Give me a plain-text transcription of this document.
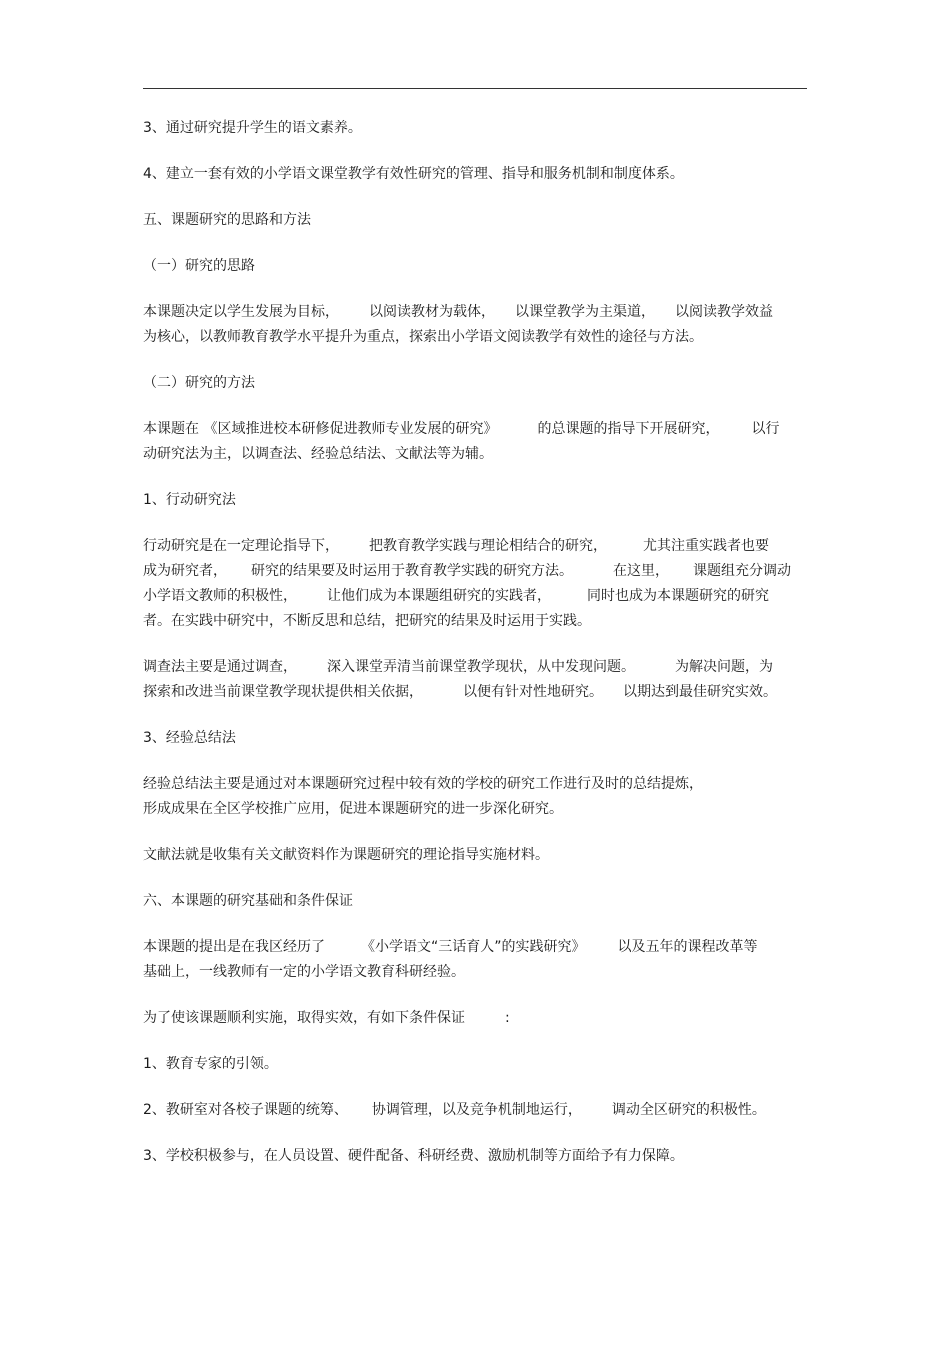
3、通过研究提升学生的语文素养。

4、建立一套有效的小学语文课堂教学有效性研究的管理、指导和服务机制和制度体系。

五、课题研究的思路和方法

（一）研究的思路

本课题决定以学生发展为目标， 以阅读教材为载体， 以课堂教学为主渠道， 以阅读教学效益
为核心，以教师教育教学水平提升为重点，探索出小学语文阅读教学有效性的途径与方法。

（二）研究的方法

本课题在 《区域推进校本研修促进教师专业发展的研究》	的总课题的指导下开展研究， 以行
动研究法为主，以调查法、经验总结法、文献法等为辅。

1、行动研究法

行动研究是在一定理论指导下， 把教育教学实践与理论相结合的研究，	尤其注重实践者也要
成为研究者， 研究的结果要及时运用于教育教学实践的研究方法。	在这里， 课题组充分调动
小学语文教师的积极性， 让他们成为本课题组研究的实践者，	同时也成为本课题研究的研究
者。在实践中研究中，不断反思和总结，把研究的结果及时运用于实践。

调查法主要是通过调查， 深入课堂弄清当前课堂教学现状，从中发现问题。	为解决问题，为
探索和改进当前课堂教学现状提供相关依据，	以便有针对性地研究。 以期达到最佳研究实效。

3、经验总结法

经验总结法主要是通过对本课题研究过程中较有效的学校的研究工作进行及时的总结提炼，
形成成果在全区学校推广应用，促进本课题研究的进一步深化研究。

文献法就是收集有关文献资料作为课题研究的理论指导实施材料。

六、本课题的研究基础和条件保证

本课题的提出是在我区经历了	《小学语文“三话育人”的实践研究》 以及五年的课程改革等
基础上，一线教师有一定的小学语文教育科研经验。

为了使该课题顺利实施，取得实效，有如下条件保证	:

1、教育专家的引领。

2、教研室对各校子课题的统筹、 协调管理，以及竞争机制地运行， 调动全区研究的积极性。

3、学校积极参与，在人员设置、硬件配备、科研经费、激励机制等方面给予有力保障。
